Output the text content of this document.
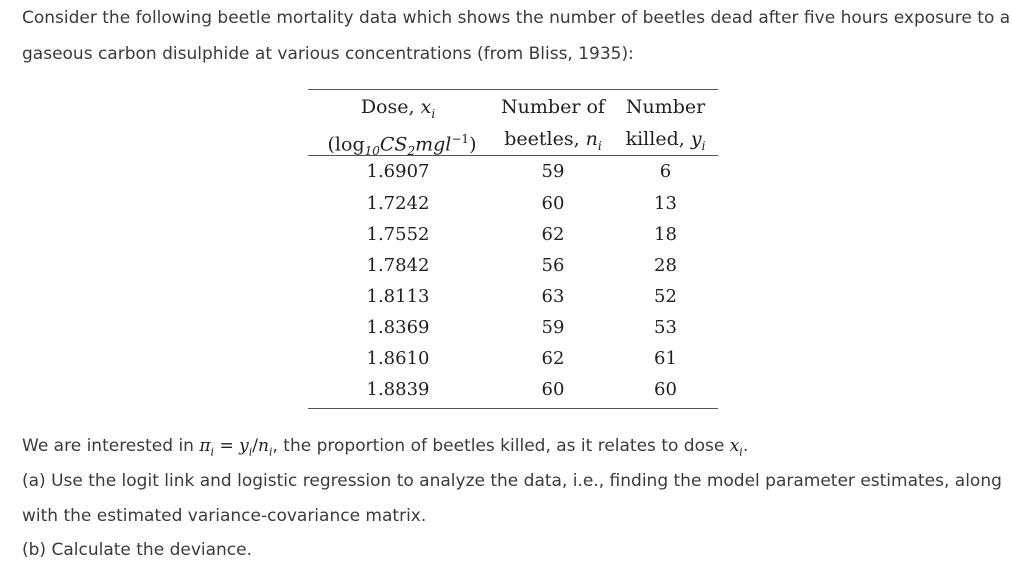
Consider the following beetle mortality data which shows the number of beetles dead after five hours exposure to a
gaseous carbon disulphide at various concentrations (from Bliss, 1935):
Dose, $x_i$	Number of	Number
$(\log_{10}CS_2mgl^{-1})$	beetles, $n_i$	killed, $y_i$
1.6907	59	6
1.7242	60	13
1.7552	62	18
1.7842	56	28
1.8113	63	52
1.8369	59	53
1.8610	62	61
1.8839	60	60
We are interested in $\pi_i = y_i/n_i$, the proportion of beetles killed, as it relates to dose $x_i$.
(a) Use the logit link and logistic regression to analyze the data, i.e., finding the model parameter estimates, along
with the estimated variance-covariance matrix.
(b) Calculate the deviance.
